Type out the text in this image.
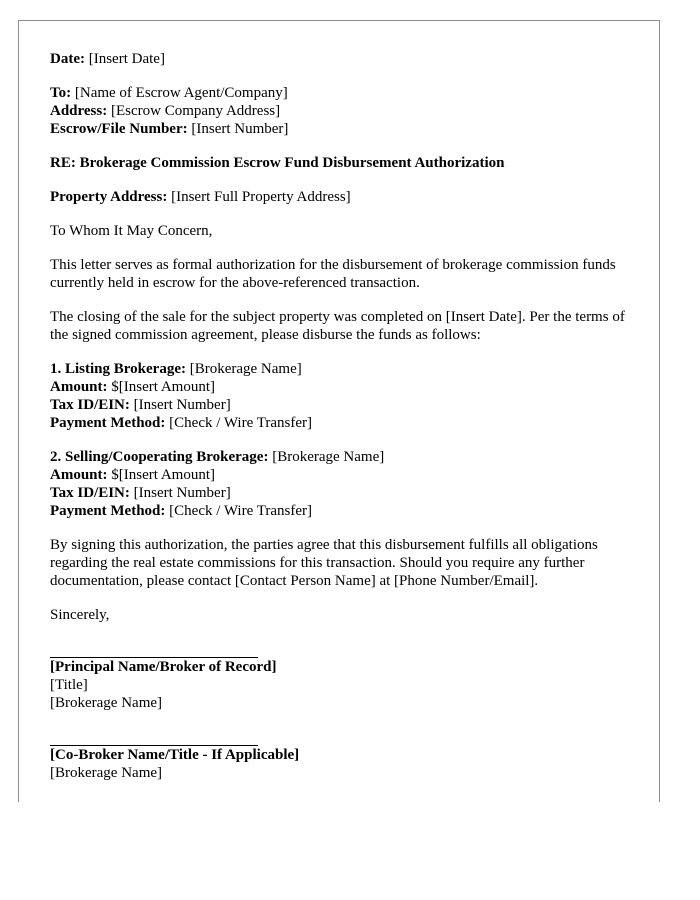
Date: [Insert Date]
To: [Name of Escrow Agent/Company]
Address: [Escrow Company Address]
Escrow/File Number: [Insert Number]
RE: Brokerage Commission Escrow Fund Disbursement Authorization
Property Address: [Insert Full Property Address]
To Whom It May Concern,
This letter serves as formal authorization for the disbursement of brokerage commission funds currently held in escrow for the above-referenced transaction.
The closing of the sale for the subject property was completed on [Insert Date]. Per the terms of the signed commission agreement, please disburse the funds as follows:
1. Listing Brokerage: [Brokerage Name]
Amount: $[Insert Amount]
Tax ID/EIN: [Insert Number]
Payment Method: [Check / Wire Transfer]
2. Selling/Cooperating Brokerage: [Brokerage Name]
Amount: $[Insert Amount]
Tax ID/EIN: [Insert Number]
Payment Method: [Check / Wire Transfer]
By signing this authorization, the parties agree that this disbursement fulfills all obligations regarding the real estate commissions for this transaction. Should you require any further documentation, please contact [Contact Person Name] at [Phone Number/Email].
Sincerely,
[Principal Name/Broker of Record]
[Title]
[Brokerage Name]
[Co-Broker Name/Title - If Applicable]
[Brokerage Name]
